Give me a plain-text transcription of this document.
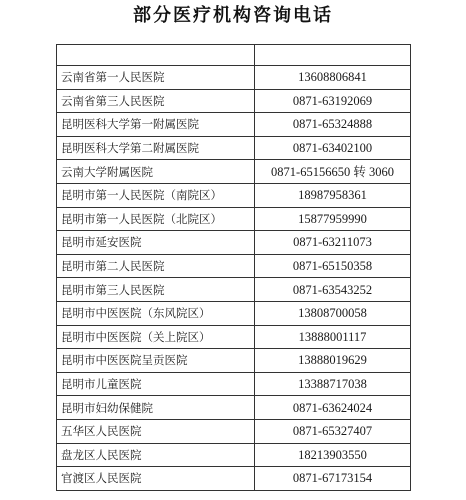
部分医疗机构咨询电话

云南省第一人民医院	13608806841
云南省第三人民医院	0871-63192069
昆明医科大学第一附属医院	0871-65324888
昆明医科大学第二附属医院	0871-63402100
云南大学附属医院	0871-65156650 转 3060
昆明市第一人民医院（南院区）	18987958361
昆明市第一人民医院（北院区）	15877959990
昆明市延安医院	0871-63211073
昆明市第二人民医院	0871-65150358
昆明市第三人民医院	0871-63543252
昆明市中医医院（东风院区）	13808700058
昆明市中医医院（关上院区）	13888001117
昆明市中医医院呈贡医院	13888019629
昆明市儿童医院	13388717038
昆明市妇幼保健院	0871-63624024
五华区人民医院	0871-65327407
盘龙区人民医院	18213903550
官渡区人民医院	0871-67173154
